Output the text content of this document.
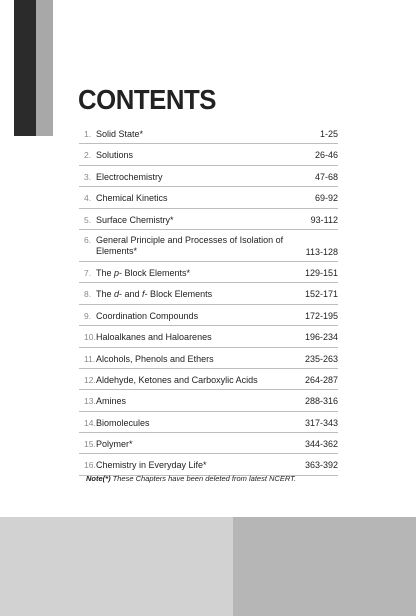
CONTENTS
1. Solid State*	1-25
2. Solutions	26-46
3. Electrochemistry	47-68
4. Chemical Kinetics	69-92
5. Surface Chemistry*	93-112
6. General Principle and Processes of Isolation of Elements*	113-128
7. The p- Block Elements*	129-151
8. The d- and f- Block Elements	152-171
9. Coordination Compounds	172-195
10. Haloalkanes and Haloarenes	196-234
11. Alcohols, Phenols and Ethers	235-263
12. Aldehyde, Ketones and Carboxylic Acids	264-287
13. Amines	288-316
14. Biomolecules	317-343
15. Polymer*	344-362
16. Chemistry in Everyday Life*	363-392
Note(*) These Chapters have been deleted from latest NCERT.
